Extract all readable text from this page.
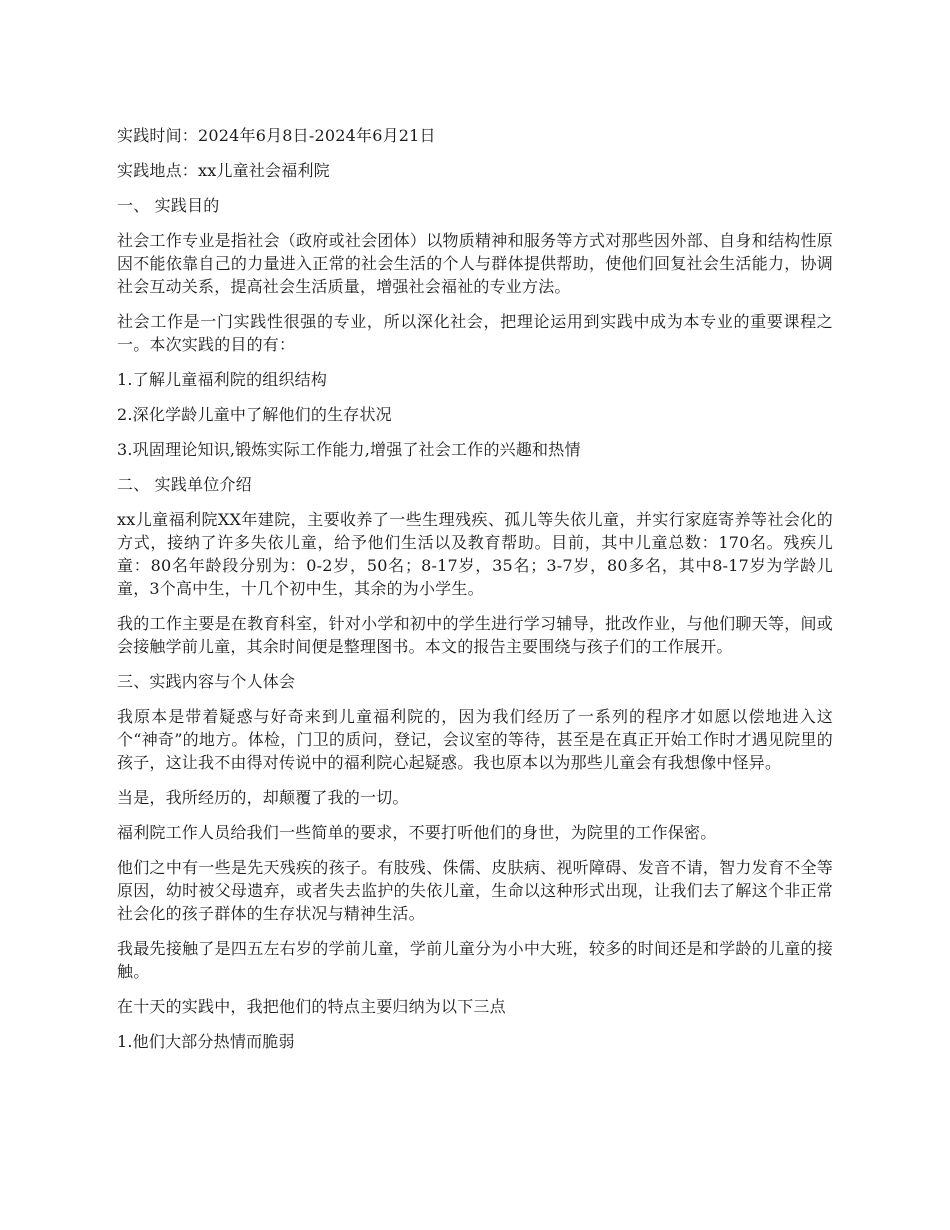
实践时间：2024年6月8日-2024年6月21日

实践地点：xx儿童社会福利院

一、 实践目的

社会工作专业是指社会（政府或社会团体）以物质精神和服务等方式对那些因外部、自身和结构性原因不能依靠自己的力量进入正常的社会生活的个人与群体提供帮助，使他们回复社会生活能力，协调社会互动关系，提高社会生活质量，增强社会福祉的专业方法。

社会工作是一门实践性很强的专业，所以深化社会，把理论运用到实践中成为本专业的重要课程之一。本次实践的目的有：

1.了解儿童福利院的组织结构

2.深化学龄儿童中了解他们的生存状况

3.巩固理论知识,锻炼实际工作能力,增强了社会工作的兴趣和热情

二、 实践单位介绍

xx儿童福利院XX年建院，主要收养了一些生理残疾、孤儿等失依儿童，并实行家庭寄养等社会化的方式，接纳了许多失依儿童，给予他们生活以及教育帮助。目前，其中儿童总数：170名。残疾儿童：80名年龄段分别为：0-2岁，50名；8-17岁，35名；3-7岁，80多名，其中8-17岁为学龄儿童，3个高中生，十几个初中生，其余的为小学生。

我的工作主要是在教育科室，针对小学和初中的学生进行学习辅导，批改作业，与他们聊天等，间或会接触学前儿童，其余时间便是整理图书。本文的报告主要围绕与孩子们的工作展开。

三、实践内容与个人体会

我原本是带着疑惑与好奇来到儿童福利院的，因为我们经历了一系列的程序才如愿以偿地进入这个“神奇”的地方。体检，门卫的质问，登记，会议室的等待，甚至是在真正开始工作时才遇见院里的孩子，这让我不由得对传说中的福利院心起疑惑。我也原本以为那些儿童会有我想像中怪异。

当是，我所经历的，却颠覆了我的一切。

福利院工作人员给我们一些简单的要求，不要打听他们的身世，为院里的工作保密。

他们之中有一些是先天残疾的孩子。有肢残、侏儒、皮肤病、视听障碍、发音不请，智力发育不全等原因，幼时被父母遗弃，或者失去监护的失依儿童，生命以这种形式出现，让我们去了解这个非正常社会化的孩子群体的生存状况与精神生活。

我最先接触了是四五左右岁的学前儿童，学前儿童分为小中大班，较多的时间还是和学龄的儿童的接触。

在十天的实践中，我把他们的特点主要归纳为以下三点

1.他们大部分热情而脆弱
